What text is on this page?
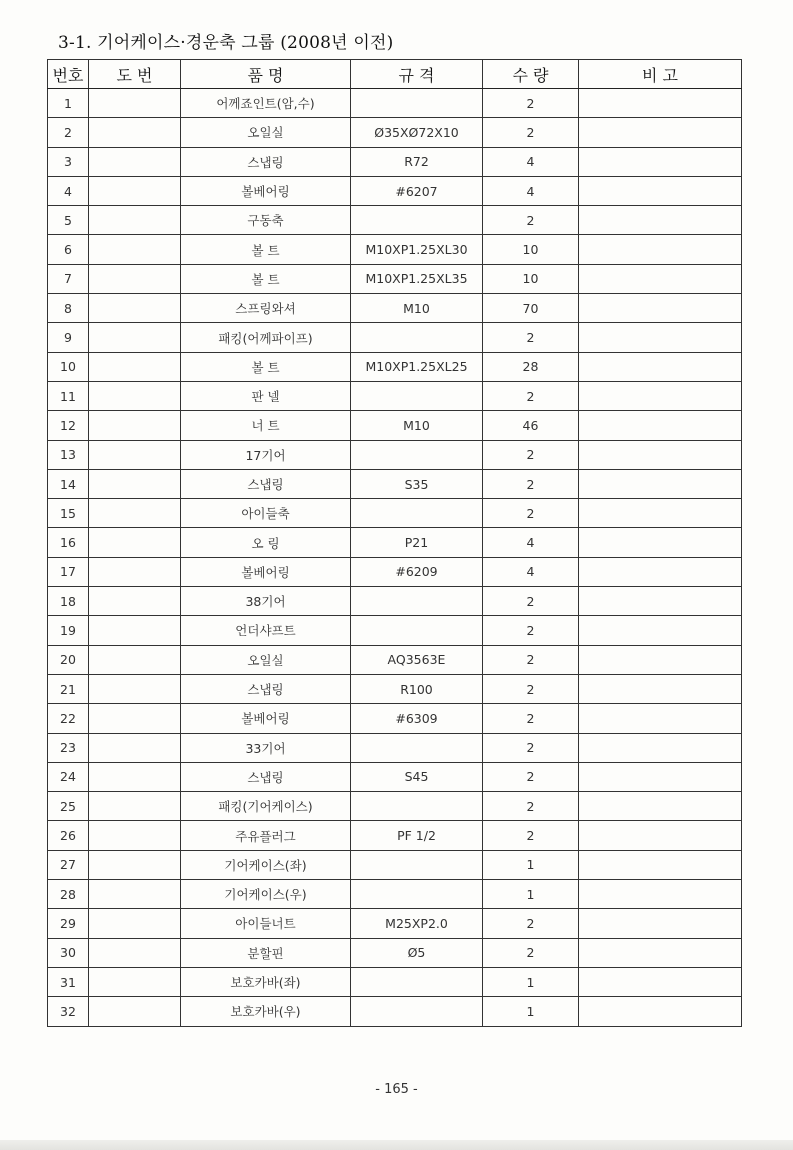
3-1. 기어케이스·경운축 그룹 (2008년 이전)
번호	도 번	품 명	규 격	수 량	비 고
1		어께죠인트(암,수)		2	
2		오일실	Ø35XØ72X10	2	
3		스냅링	R72	4	
4		볼베어링	#6207	4	
5		구동축		2	
6		볼 트	M10XP1.25XL30	10	
7		볼 트	M10XP1.25XL35	10	
8		스프링와셔	M10	70	
9		패킹(어께파이프)		2	
10		볼 트	M10XP1.25XL25	28	
11		판 넬		2	
12		너 트	M10	46	
13		17기어		2	
14		스냅링	S35	2	
15		아이들축		2	
16		오 링	P21	4	
17		볼베어링	#6209	4	
18		38기어		2	
19		언더샤프트		2	
20		오일실	AQ3563E	2	
21		스냅링	R100	2	
22		볼베어링	#6309	2	
23		33기어		2	
24		스냅링	S45	2	
25		패킹(기어케이스)		2	
26		주유플러그	PF 1/2	2	
27		기어케이스(좌)		1	
28		기어케이스(우)		1	
29		아이들너트	M25XP2.0	2	
30		분할핀	Ø5	2	
31		보호카바(좌)		1	
32		보호카바(우)		1	
- 165 -
